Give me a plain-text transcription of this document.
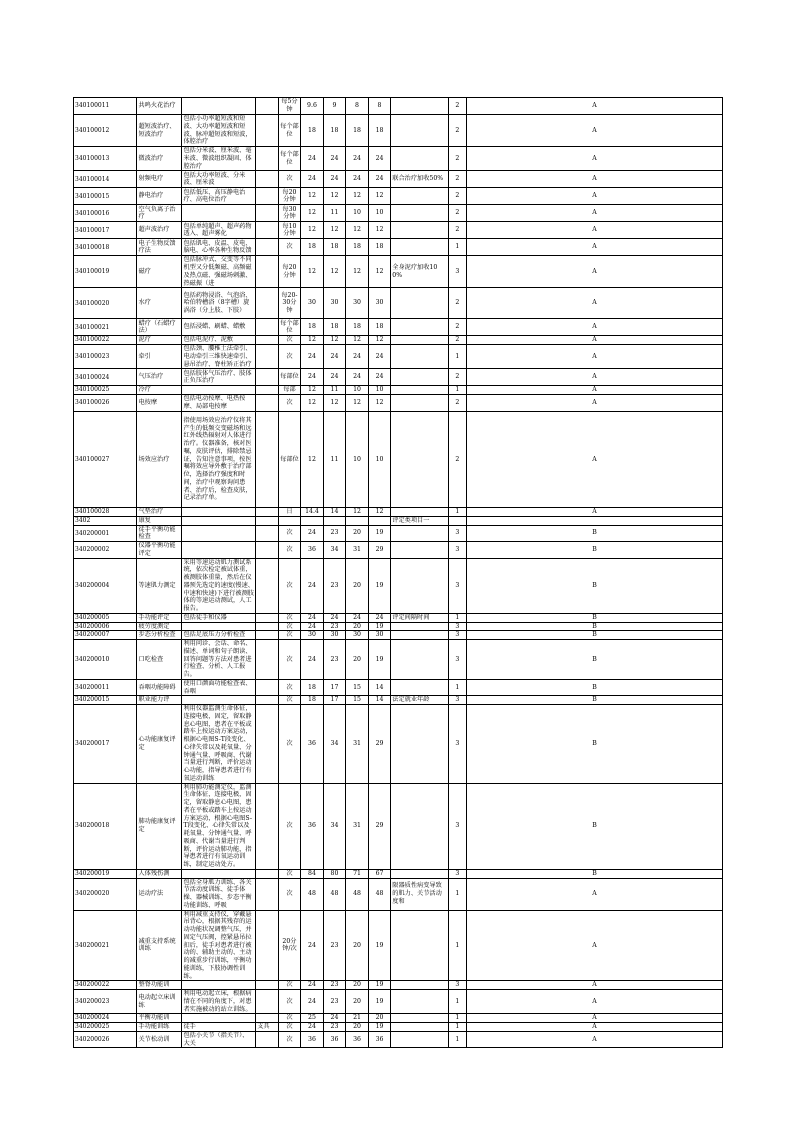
340100011	共鸣火花治疗			每5分钟	9.6	9	8	8		2	A
340100012	超短波治疗、短波治疗	包括小功率超短波和短波、大功率超短波和短波、脉冲超短波和短波，体腔治疗		每个部位	18	18	18	18		2	A
340100013	微波治疗	包括分米波、厘米波、毫米波、微波组织凝固、体腔治疗		每个部位	24	24	24	24		2	A
340100014	射频电疗	包括大功率短波、分米波、厘米波		次	24	24	24	24	联合治疗加收50%	2	A
340100015	静电治疗	包括低压、高压静电治疗、高电位治疗		每20分钟	12	12	12	12		2	A
340100016	空气负离子治疗			每30分钟	12	11	10	10		2	A
340100017	超声波治疗	包括单纯超声、超声药物透入、超声雾化		每10分钟	12	12	12	12		2	A
340100018	电子生物反馈疗法	包括肌电、皮温、皮电、脑电、心率各种生物反馈		次	18	18	18	18		1	A
340100019	磁疗	包括脉冲式、交变等不同机型又分低频磁、高频磁及热点磁、强磁场刺激、热磁振（进		每20分钟	12	12	12	12	全身泥疗加收100%	3	A
340100020	水疗	包括药物浸浴、气泡浴、哈伯特槽浴（8字槽）旋涡浴（分上肢、下肢）		每20-30分钟	30	30	30	30		2	A
340100021	蜡疗（石蜡疗法）	包括浸蜡、刷蜡、蜡敷		每个部位	18	18	18	18		2	A
340100022	泥疗	包括电泥疗、泥敷		次	12	12	12	12		2	A
340100023	牵引	包括颈、腰椎土法牵引、电动牵引三维快速牵引、悬吊治疗、脊柱矫正治疗		次	24	24	24	24		1	A
340100024	气压治疗	包括肢体气压治疗、肢体正负压治疗		每部位	24	24	24	24		2	A
340100025	冷疗			每部	12	11	10	10		1	A
340100026	电按摩	包括电动按摩、电热按摩、局部电按摩		次	12	12	12	12		2	A
340100027	场效应治疗	指使用场效应治疗仪将其产生的低频交变磁场和远红外线热辐射对人体进行治疗。仪器准备，核对医嘱，皮肤评估，排除禁忌证，告知注意事项，按医嘱将效应导外敷于治疗部位，选择治疗强度和时间，治疗中观察询问患者、治疗后，检查皮肤，记录治疗单。		每部位	12	11	10	10		2	A
340100028	气垫治疗			日	14.4	14	12	12		1	A
3402	康复								评定类项目一		
340200001	徒手平衡功能检查			次	24	23	20	19		3	B
340200002	仪器平衡功能评定			次	36	34	31	29		3	B
340200004	等速肌力测定	采用等速运动肌力测试系统，依次检定被试体重，被测肢体重量，然后在仪器预先选定的速度(慢速、中速和快速)下进行被测肢体的等速运动测试，人工报告。		次	24	23	20	19		3	B
340200005	手功能评定	包括徒手和仪器		次	24	24	24	24	评定间隔时间	1	B
340200006	疲劳度测定			次	24	23	20	19		3	B
340200007	步态分析检查	包括足底压力分析检查		次	30	30	30	30		3	B
340200010	口吃检查	利用问诊、会话、命名、描述、单词和句子朗读、回答问题等方法对患者进行检查、分析、人工报告。		次	24	23	20	19		3	B
340200011	吞咽功能障碍	使用口颜面功能检查表、吞咽		次	18	17	15	14		1	B
340200015	职业能力评			次	18	17	15	14	法定就业年龄	3	B
340200017	心功能康复评定	利用仪器监测生命体征，连接电极，固定，留取静息心电图，患者在平板或踏车上按运动方案运动，根据心电图S-T段变化、心律失常以及耗氧量、分钟通气量、呼吸商、代谢当量进行判断，评价运动心功能，指导患者进行有氧运动训练		次	36	34	31	29		3	B
340200018	肺功能康复评定	利用肺功能测定仪，监测生命体征，连接电极，固定，留取静息心电图，患者在平板或踏车上按运动方案运动，根据心电图S-T段变化、心律失常以及耗氧量、分钟通气量、呼吸商、代谢当量进行判断，评价运动肺功能，指导患者进行有氧运动训练，制定运动处方。		次	36	34	31	29		3	B
340200019	人体残伤测			次	84	80	71	67		3	B
340200020	运动疗法	包括全身肌力训练、各关节活动度训练、徒手体操、器械训练、步态平衡功能训练、呼吸		次	48	48	48	48	限器质性病变导致的肌力、关节活动度和	1	A
340200021	减重支持系统训练	利用减重支持仪，穿戴悬吊背心，根据其残存的运动功能状况调整气压，并固定气压阀，控紧悬吊拉扣后，徒手对患者进行被动的、辅助主动的、主动的减重步行训练，平衡功能训练，下肢协调性训练。		20分钟/次	24	23	20	19		1	A
340200022	整脊功能训			次	24	23	20	19		3	A
340200023	电动起立床训练	利用电动起立床，根据病情在不同的角度下，对患者实施被动的站立训练。		次	24	23	20	19		1	A
340200024	平衡功能训			次	25	24	21	20		1	A
340200025	手功能训练	徒手	支具	次	24	23	20	19		1	A
340200026	关节松动训	包括小关节（指关节）、大关		次	36	36	36	36		1	A
